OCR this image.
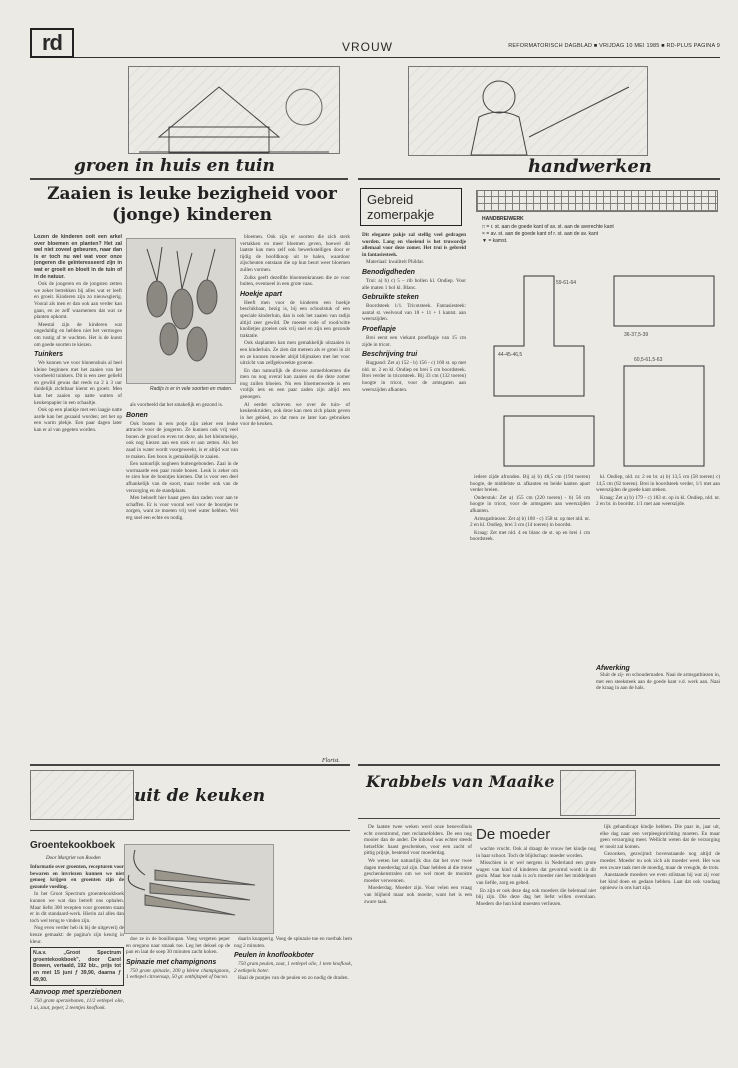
rd	VROUW	REFORMATORISCH DAGBLAD ■ VRIJDAG 10 MEI 1985 ■ RD-PLUS PAGINA 9
groen in huis en tuin	handwerken
Zaaien is leuke bezigheid voor (jonge) kinderen

Lozen de kinderen ooit een arkel over bloemen en planten? Het zal wel niet zoveel gebeuren, naar dan is er toch nu wel wat voor onze jongeren die geïnteresseerd zijn in wat er groeit en bloeit in de tuin of in de natuur.

Ook de jongeren en de jongsten zetten we zeker betrekken bij alles wat er leeft en groeit. Kinderen zijn zo nieuwsgierig. Vooral als men er dan ook aan verder kan gaan, en ze zelf waarnemen dat wat ze planten opkomt.

Meestal zijn de kinderen wat ongeduldig en hebben niet het vermogen om rustig af te wachten. Het is de kunst om goede soorten te kiezen.

Tuinkers

We kunnen we voor binnenshuis al heel kleine beginnen met het zaaien van het voorbeeld tuinkers. Dit is een zeer geliefd en gewild gewas dat reeds na 2 à 3 uur duidelijk zichtbaar kiemt en groeit. Men kan het zaaien op natte watten of keukenpapier in een schaaltje.

Ook op een plankje met een laagje natte aarde kan het gezaaid worden; zet het op een warm plekje. Een paar dagen later kan er al van gegeten worden.

Radijs is er in vele soorten en maten.

als voorbeeld dat het smakelijk en gezond is.

Bonen

Ook bonen in een potje zijn zeker een leuke attractie voor de jongeren. Ze kunnen ook vrij veel bonen de grond en even tot deze, als het kleinmeisje, ook nog kiezen aan een stok er aan zetten. Als het zaad in water wordt voorgeweekt, is er altijd wat van te maken. Een boon is gemakkelijk te zaaien.

Een natuurlijk nogheen buitengebonden. Zaai in de wormaarde een paar ronde bonen. Leuk is zeker om te zien hoe de boontjes kiemen. Dat is voor een deel afhankelijk van de soort, maar verder ook van de verzorging en de standplaats.

Men behoeft hier haast geen dan zaden voor aan te schaffen. Er is voor vooral wel voor de boontjes te zorgen, want ze moeten vrij veel water hebben. Wel erg snel een echte en nodig.

bloemen. Ook zijn er soorten die zich sterk vertakken en meer bloemen geven, hoewel dit laatste kan men zelf ook bewerkstelligen door er tijdig de hoofdknop uit te halen, waardoor zijscheuten ontstaan die op hun beurt weer bloemen zullen vormen.

Zulks geeft dezelfde bloemenkransen die ze voor buiten, eventueel in een grote vaas.

Hoekje apart

Heeft men voor de kinderen een hoekje beschikbaar, bezig is, bij een schoolstuk of een speciale kinderluin, dan is ook het zaaien van radijs altijd zeer gewild. De meeste rode of rood/witte knolletjes groeien ook vrij snel en zijn een gezonde traktatie.

Ook slaplanten kan men gemakkelijk uitzaaien in een kinderluin. Ze zien dat meteen als er groei in zit en ze kunnen moeder altijd blijmaken met het voor uitzicht van zelfgekweekte groente.

En dan natuurlijk de diverse zomerbloemen die men nu nog overal kan zaaien en die deze zomer nog zullen bloeien. Nu een bloemenweide is een vrolijk iets en een paar zaden zijn altijd een genoegen.

Al eerder schreven we over de tuin- of keukenkruiden, ook deze kan men zich plaats geven in het gebied, zo dat men ze later kan gebruiken voor de keuken.

Florist.
uit de keuken
Groentekookboek
Door Margriet van Rooden

Informatie over groenten, recepturen voor bewaren en invriezen kunnen we niet genoeg krijgen en groenten zijn de gezonde voeding.

In het Groot Spectrum groentekookboek kunnen we wat dan betreft ons ophalen. Maar liefst 300 recepten voor groenten staan er in dit standaard-werk. Hierin zal alles dan toch wel terug te vinden zijn.

Nog even verder heb ik bij de uitgeverij de keuze gemaakt: de pagina's zijn keurig in kleur.

N.a.v. „Groot Spectrum groentekookboek", door Carol Bowen, vertaald, 192 blz., prijs tot en met 15 juni ƒ 39,90, daarna ƒ 49,90.
Aanvoop met sperziebonen

750 gram sperziebonen, 11/2 eetlepel olie, 1 ui, zout, peper, 2 teentjes knoflook.

doe ze in de bouillonpan. Voeg vergeten peper en oregano naar smaak toe. Leg het deksel op de pan en laat de soep 30 minuten zacht koken.

Spinazie met champignons

750 gram spinazie, 200 g kleine champignons, 1 eetlepel citroensap, 50 gr. ontbijtspek of bacon.

daarin knapperig. Voeg de spinazie toe en roerbak hem nog 2 minuten.

Peulen in knoflookboter

750 gram peulen, zout, 1 eetlepel olie, 1 teen knoflook, 2 eetlepels boter.

Haal de puntjes van de peulen en zo nodig de draden.

Gebreid zomerpakje

Dit elegante pakje zal stellig veel gedragen worden. Lang en vloeiend is het truwordje allemaal voor deze zomer. Het trui is gebreid in fantasiesteek.

Materiaal: kwaliteit Phildar.

Benodigdheden

Trui: a) b) c) 5 – rib bollen kl. Ondiep. Voor alle maten 1 bol kl. Blanc.

Gebruikte steken

Boordsteek 1/1. Tricotsteek. Fantasiesteek: aantal st. veelvoud van 18 + 11 + 1 kantst. aan weerszijden.

Proeflapje

Brei eerst een viekant proeflapje van 15 cm zijde in tricot.

Beschrijving trui

Rugpand: Zet a) 152 - b) 156 - c) 160 st. op met nld. nr. 2 en kl. Ondiep en brei 5 cm boordsteek. Brei verder in tricotsteek. Bij 33 cm (132 toeren) hoogte in tricot, voor de armsgaten aan weerszijden afkanten.

HANDBREIWERK
□ = r. st. aan de goede kant of av. st. aan de averechte kant
× = av. st. aan de goede kant of r. st. aan de av. kant
▼ = kamst.
59-61-64
44-45-46,5
60,5-61,5-63
36-37,5-39

iedere zijde afronden. Bij a) b) 48,5 cm (194 toeren) hoogte, de middelste st. afkanten en beide kanten apart verder breien.

Onderstuk: Zet a) 155 cm (220 toeren) - b) 56 cm hoogte in tricot, voor de armsgaten aan weerszijden afkanten.

Armsgatbiezen: Zet a) b) 180 - c) 158 st. op met nld. nr. 2 en kl. Ondiep, brei 3 cm (14 toeren) in boordst.

Kraag: Zet met nld. 4 en blanc de st. op en brei 1 cm boordsteek.

kl. Ondiep, nld. nr. 2 en br. a) b) 13,5 cm (58 toeren) c) 14,5 cm (62 toeren). Brei in boordsteek verder, 1/1 met aan weerszijden de goede kant steken.

Kraag: Zet a) b) 179 - c) 183 st. op in kl. Ondiep, nld. nr. 2 en br. in boordst. 1/1 met aan weerszijde.

Afwerking

Sluit de zij- en schoudernaden. Naai de armsgatbiezen in, met een steeksteek aan de goede kant v.d. werk aan. Naai de kraag in aan de hals.

Krabbels van Maaike

De laatste twee weken werd onze benevolhuis echt overstromd, met reclamefolders. De een nog mooier dan de ander. De inhoud was echter steeds hetzelfde: haast geschenken, voor een zacht of pittig prijsje, bestemd voor moederdag.

We weten het natuurlijk dus dat het over twee dagen moederdag zal zijn. Daar hebben al die trotse geschenkenstralen om we wel moet de mooiste moeder verwennen.

Moederdag. Moeder zijn. Voor velen een vraag van blijheid maar ook moeite, want het is een zware taak.

De moeder

wachte vrucht. Ook al draagt de vrouw het kindje nog in haar schoot. Toch de blijdschap: moeder worden.

Misschien is er wel nergens in Nederland een grote wagen van kind of kinderen dat gevormd wordt in dit gezin. Maar hoe vaak is zo'n moeder niet het middelpunt van liefde, zorg en gebed.

En zijn er ook deze dag ook moeders die helemaal niet blij zijn. Die deze dag het liefst willen overslaan. Moeders die hun kind moesten verliezen.

lijk gehandicapt kindje hebben. Die paar in, jaar uit, elke dag naar een verpleeginrichting moeten. En maar geen verzorging meer. Wellicht weten dat de verzorging er nooit zal komen.

Gezonken, gezwijmd: bovenstaande nog altijd de moeder. Moeder nu ook zich als moeder weet. Het was een zware taak met de moedig, maar de vreugde, de trots.

Aanstaande moeders we even stilstaan bij wat zij voor het kind doen en gedaan hebben. Laat dat ook vandaag opnieuw in ons hart zijn.
